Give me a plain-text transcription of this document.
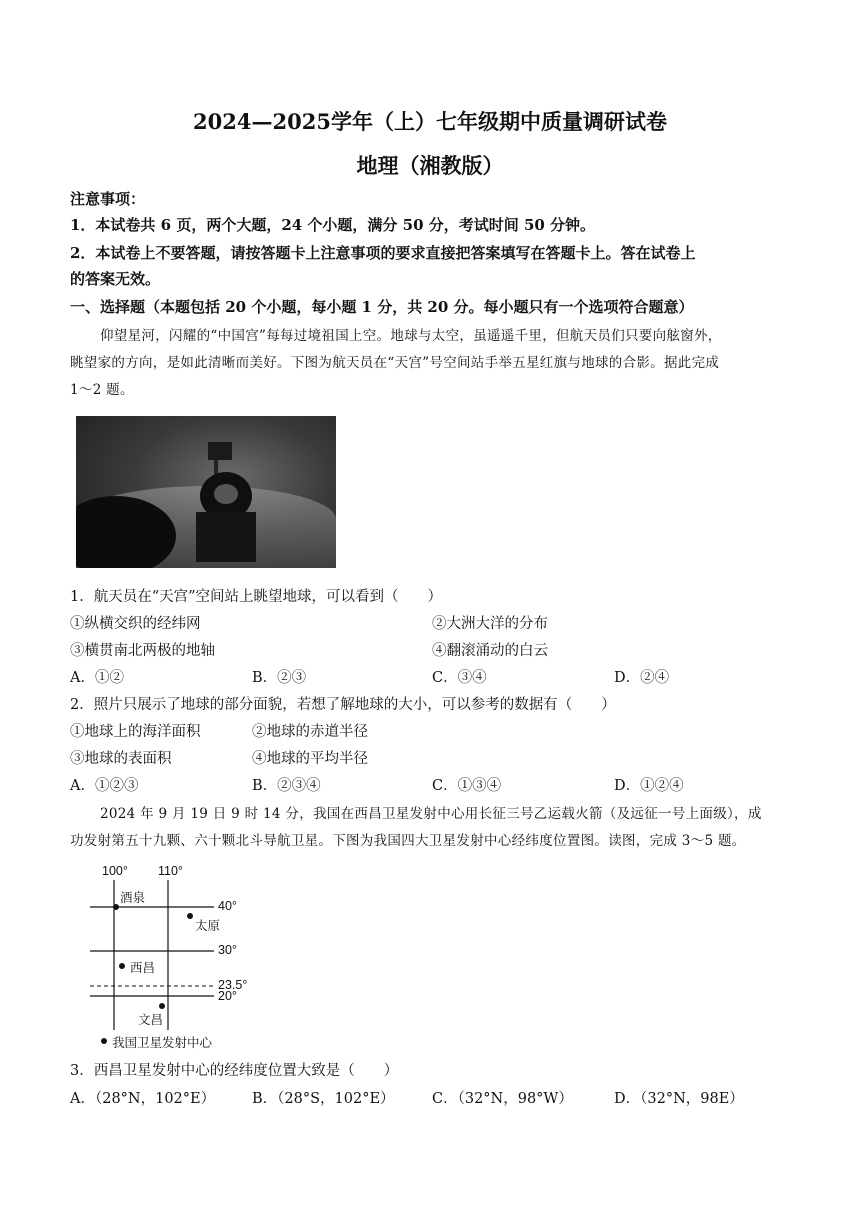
2024—2025学年（上）七年级期中质量调研试卷
地理（湘教版）
注意事项：
1．本试卷共 6 页，两个大题，24 个小题，满分 50 分，考试时间 50 分钟。
2．本试卷上不要答题，请按答题卡上注意事项的要求直接把答案填写在答题卡上。答在试卷上
的答案无效。
一、选择题（本题包括 20 个小题，每小题 1 分，共 20 分。每小题只有一个选项符合题意）
仰望星河，闪耀的“中国宫”每每过境祖国上空。地球与太空，虽遥遥千里，但航天员们只要向舷窗外，
眺望家的方向，是如此清晰而美好。下图为航天员在“天宫”号空间站手举五星红旗与地球的合影。据此完成
1～2 题。
1．航天员在“天宫”空间站上眺望地球，可以看到（　　）
①纵横交织的经纬网	②大洲大洋的分布
③横贯南北两极的地轴	④翻滚涌动的白云
A．①②	B．②③	C．③④	D．②④
2．照片只展示了地球的部分面貌，若想了解地球的大小，可以参考的数据有（　　）
①地球上的海洋面积	②地球的赤道半径
③地球的表面积	④地球的平均半径
A．①②③	B．②③④	C．①③④	D．①②④
2024 年 9 月 19 日 9 时 14 分，我国在西昌卫星发射中心用长征三号乙运载火箭（及远征一号上面级），成
功发射第五十九颗、六十颗北斗导航卫星。下图为我国四大卫星发射中心经纬度位置图。读图，完成 3～5 题。
100° 110°
酒泉
40°
太原
30°
西昌
23.5°
20°
文昌
我国卫星发射中心
3．西昌卫星发射中心的经纬度位置大致是（　　）
A．（28°N，102°E）	B．（28°S，102°E）	C．（32°N，98°W）	D．（32°N，98E）
